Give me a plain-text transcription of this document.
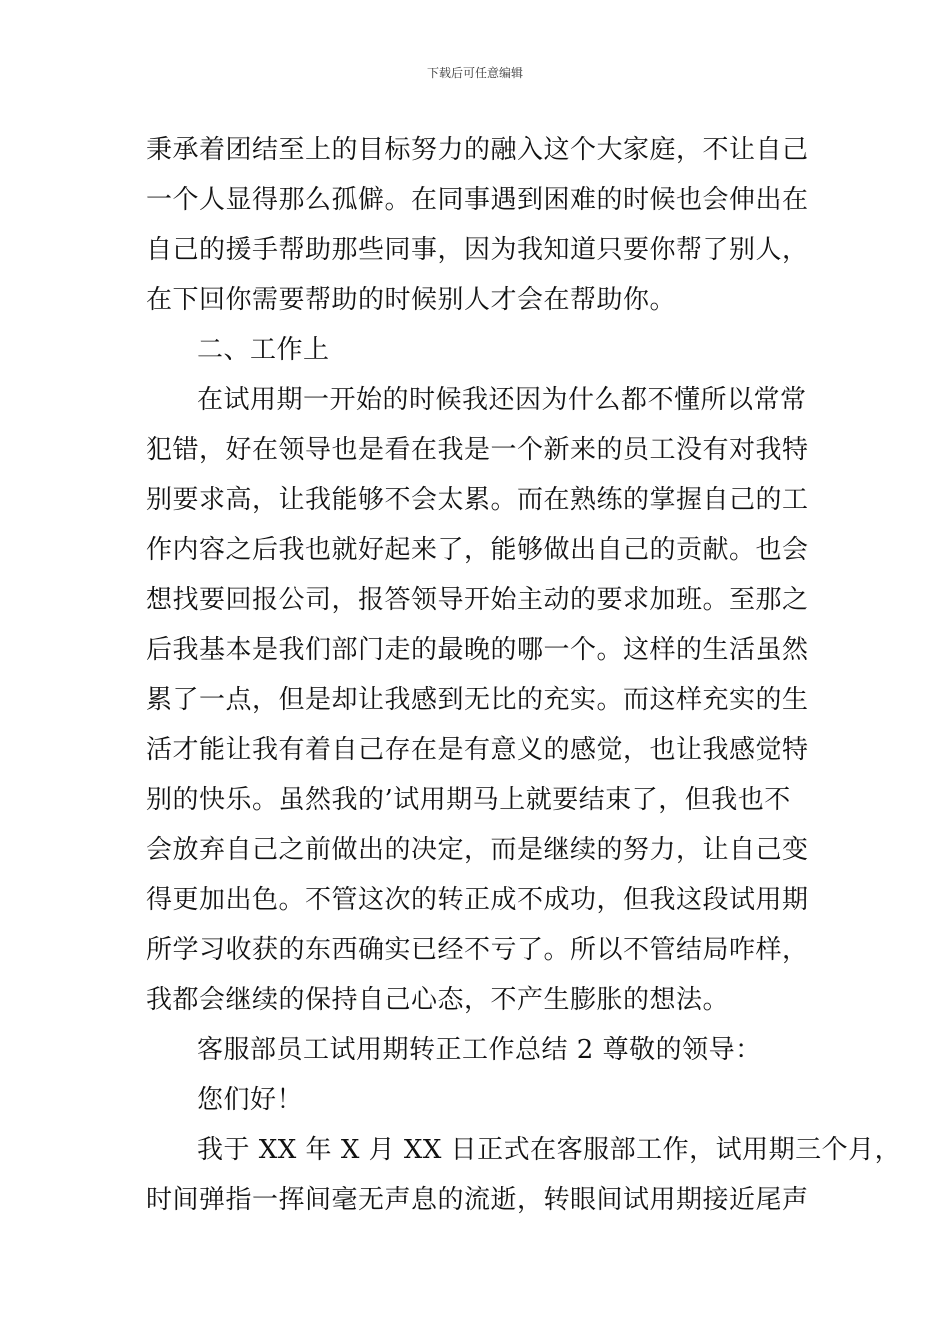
下载后可任意编辑
秉承着团结至上的目标努力的融入这个大家庭，不让自己
一个人显得那么孤僻。在同事遇到困难的时候也会伸出在
自己的援手帮助那些同事，因为我知道只要你帮了别人，
在下回你需要帮助的时候别人才会在帮助你。
二、工作上
在试用期一开始的时候我还因为什么都不懂所以常常
犯错，好在领导也是看在我是一个新来的员工没有对我特
别要求高，让我能够不会太累。而在熟练的掌握自己的工
作内容之后我也就好起来了，能够做出自己的贡献。也会
想找要回报公司，报答领导开始主动的要求加班。至那之
后我基本是我们部门走的最晚的哪一个。这样的生活虽然
累了一点，但是却让我感到无比的充实。而这样充实的生
活才能让我有着自己存在是有意义的感觉，也让我感觉特
别的快乐。虽然我的’试用期马上就要结束了，但我也不
会放弃自己之前做出的决定，而是继续的努力，让自己变
得更加出色。不管这次的转正成不成功，但我这段试用期
所学习收获的东西确实已经不亏了。所以不管结局咋样，
我都会继续的保持自己心态，不产生膨胀的想法。
客服部员工试用期转正工作总结 2 尊敬的领导：
您们好！
我于 XX 年 X 月 XX 日正式在客服部工作，试用期三个月，
时间弹指一挥间毫无声息的流逝，转眼间试用期接近尾声
